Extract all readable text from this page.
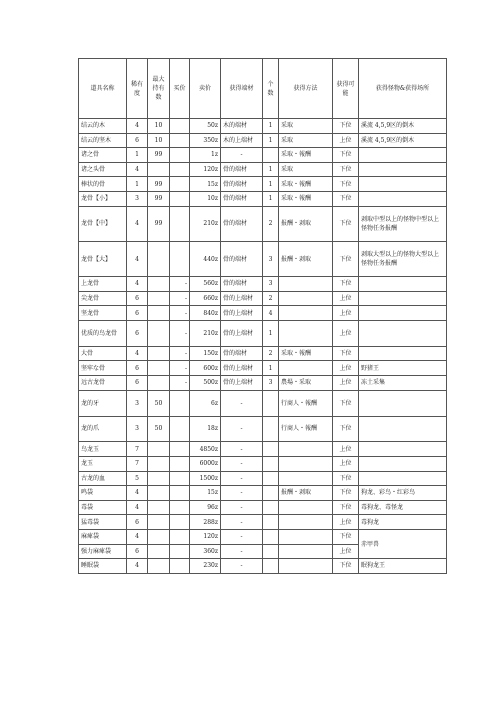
道具名称	稀有度	最大持有数	买价	卖价	获得端材	个数	获得方法	获得可能	获得怪物&获得场所
结云的木	4	10		50z	木的端材	1	采取	下位	溪流 4,5,9区的倒木
结云的坚木	6	10		350z	木的上端材	1	采取	上位	溪流 4,5,9区的倒木
诸之骨	1	99		1z	-		采取・報酬	下位	
诸之头骨	4			120z	骨的端材	1	采取	下位	
棒状的骨	1	99		15z	骨的端材	1	采取・報酬	下位	
龙骨【小】	3	99		10z	骨的端材	1	采取・報酬	下位	
龙骨【中】	4	99		210z	骨的端材	2	报酬・剥取	下位	剥取中型以上的怪物中型以上怪物任务报酬
龙骨【大】	4			440z	骨的端材	3	报酬・剥取	下位	剥取大型以上的怪物大型以上怪物任务报酬
上龙骨	4		-	560z	骨的端材	3		下位	
尖龙骨	6		-	660z	骨的上端材	2		上位	
坚龙骨	6		-	840z	骨的上端材	4		上位	
优质的鸟龙骨	6		-	210z	骨的上端材	1		上位	
大骨	4		-	150z	骨的端材	2	采取・報酬	下位	
坚牢な骨	6		-	600z	骨的上端材	1		上位	野猪王
远古龙骨	6		-	500z	骨的上端材	3	農場・采取	上位	冻土采集
龙的牙	3	50		6z	-		行商人・報酬	下位	
龙的爪	3	50		18z	-		行商人・報酬	下位	
鸟龙玉	7			4850z	-			上位	
龙玉	7			6000z	-			上位	
古龙的血	5			1500z	-			下位	
鸣袋	4			15z	-		报酬・剥取	下位	狗龙、彩鸟・红彩鸟
毒袋	4			96z	-			下位	毒狗龙、毒怪龙
猛毒袋	6			288z	-			上位	毒狗龙
麻痺袋	4			120z	-			下位	赤甲兽
强力麻痺袋	6			360z	-			上位	
睡眠袋	4			230z	-			下位	眠狗龙王
